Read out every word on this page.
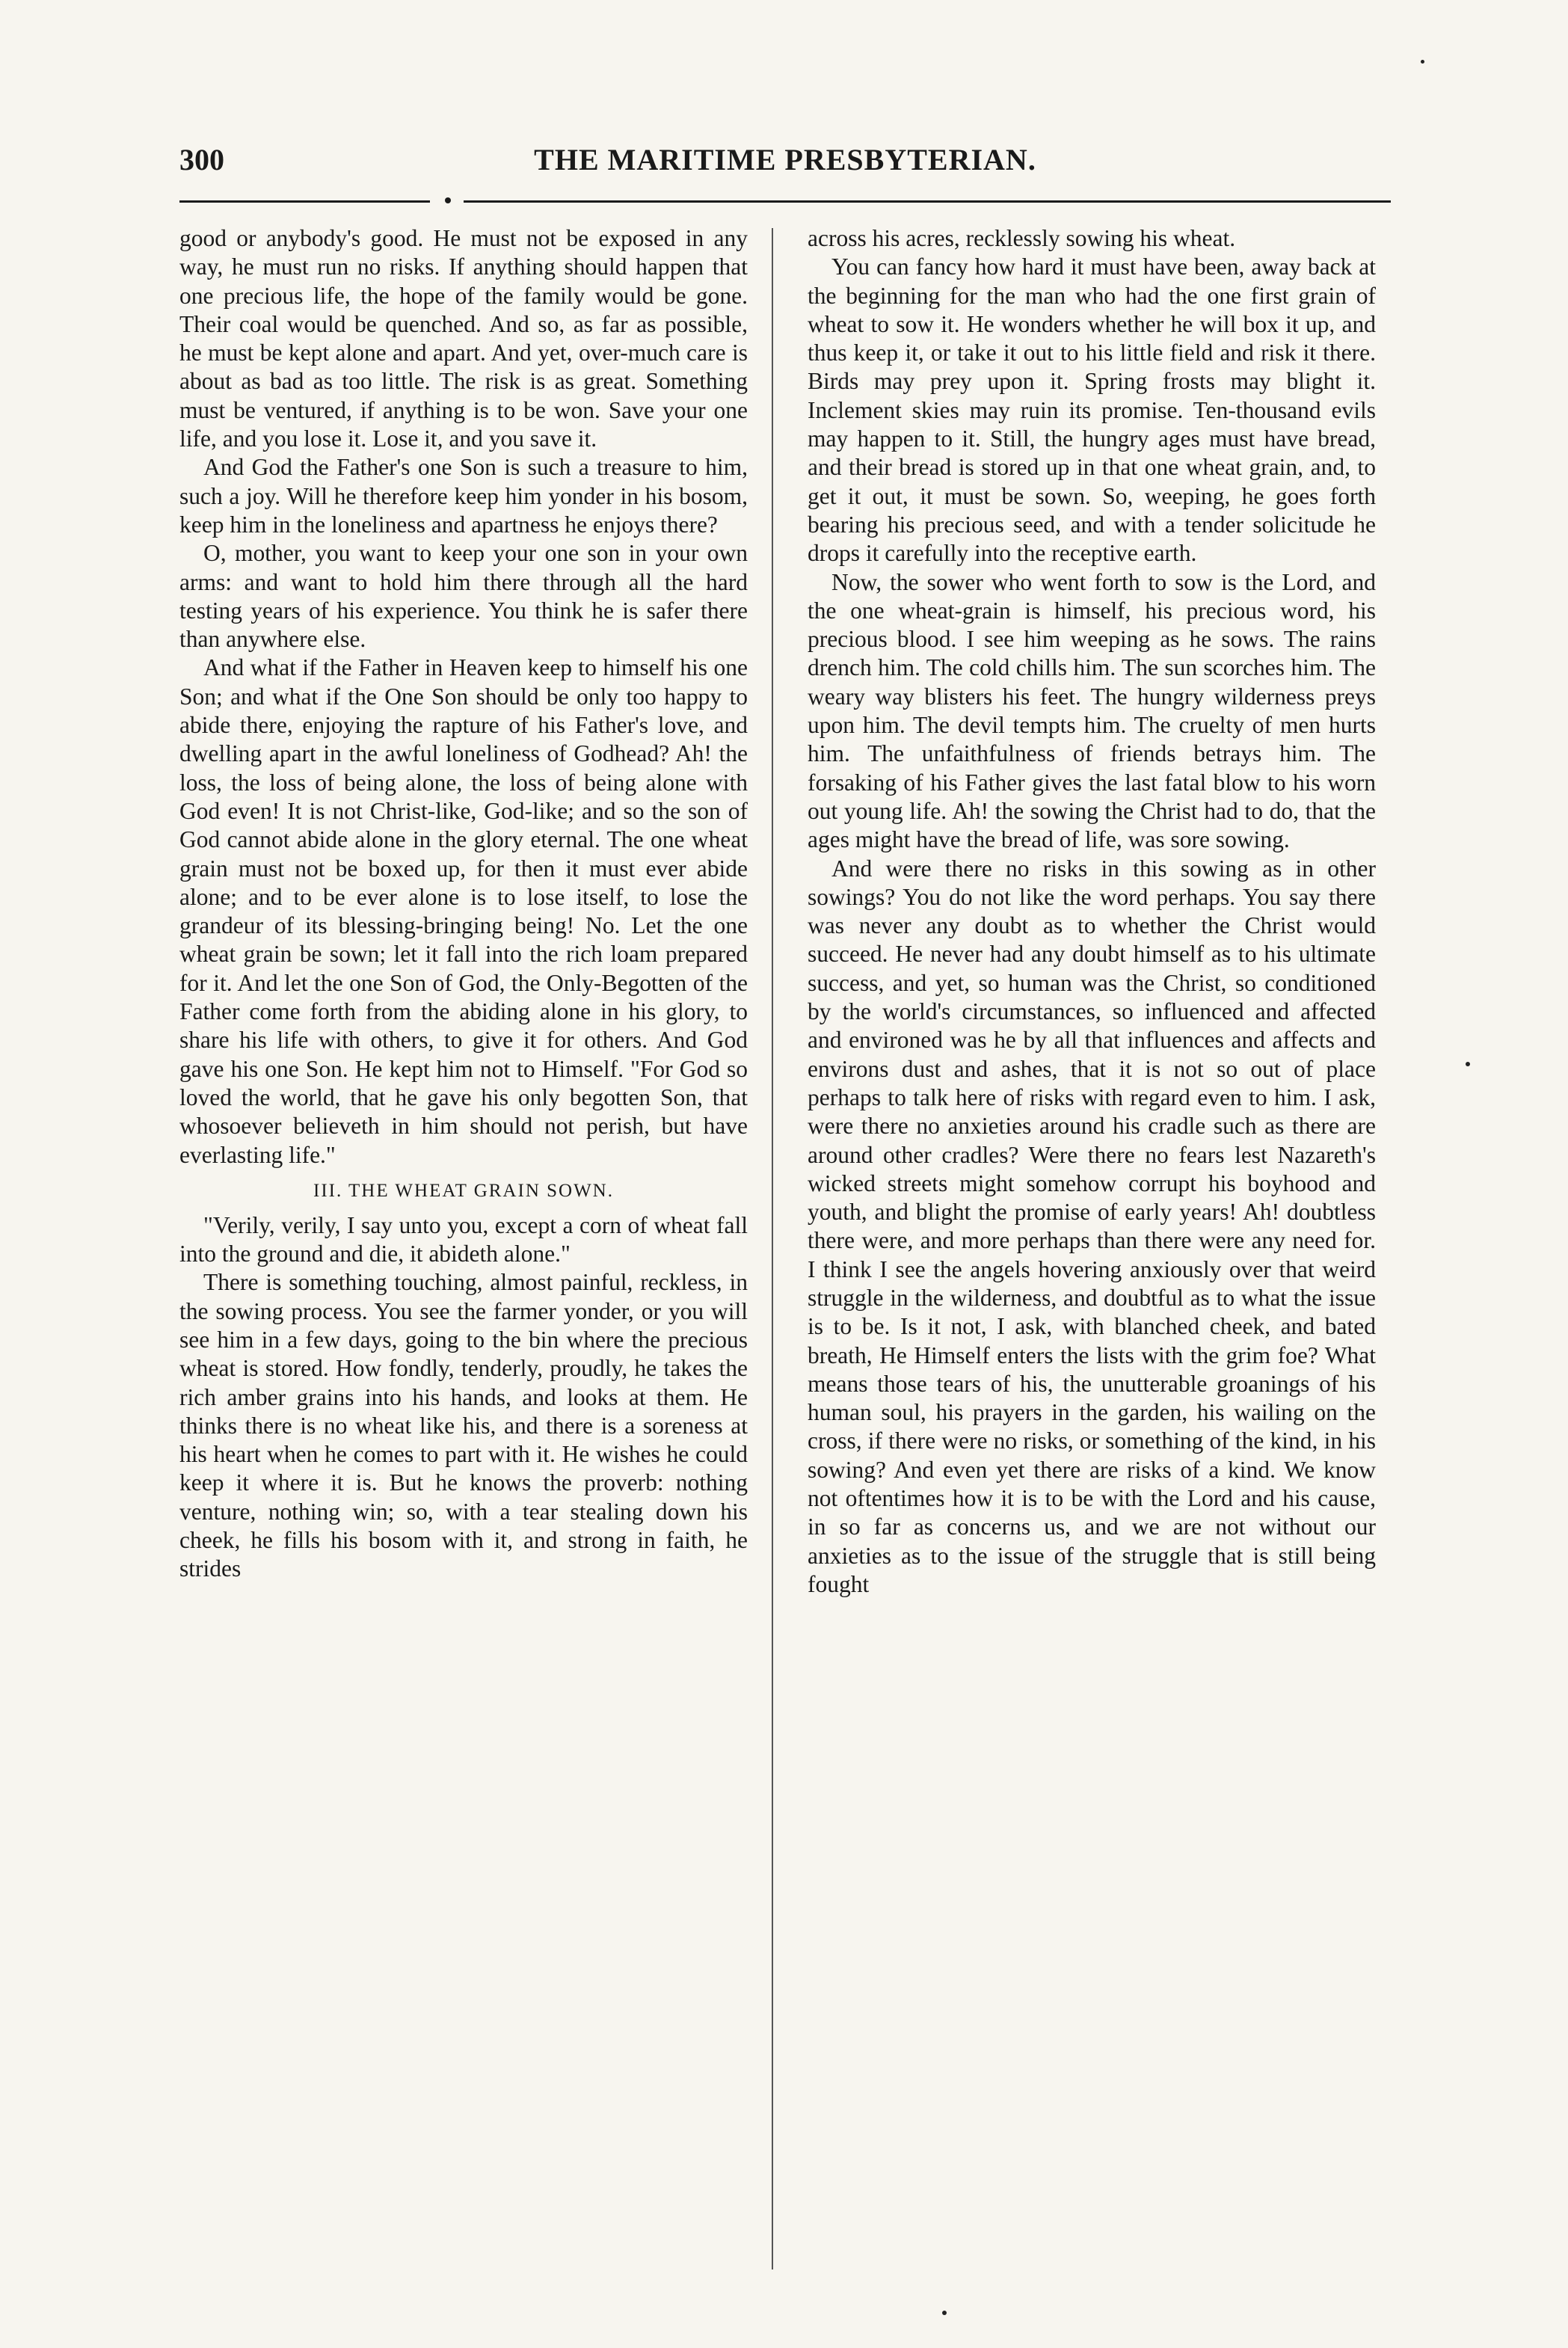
300	THE MARITIME PRESBYTERIAN.

good or anybody's good. He must not be exposed in any way, he must run no risks. If anything should happen that one precious life, the hope of the family would be gone. Their coal would be quenched. And so, as far as possible, he must be kept alone and apart. And yet, over-much care is about as bad as too little. The risk is as great. Something must be ventured, if anything is to be won. Save your one life, and you lose it. Lose it, and you save it.

And God the Father's one Son is such a treasure to him, such a joy. Will he therefore keep him yonder in his bosom, keep him in the loneliness and apartness he enjoys there?

O, mother, you want to keep your one son in your own arms: and want to hold him there through all the hard testing years of his experience. You think he is safer there than anywhere else.

And what if the Father in Heaven keep to himself his one Son; and what if the One Son should be only too happy to abide there, enjoying the rapture of his Father's love, and dwelling apart in the awful loneliness of Godhead? Ah! the loss, the loss of being alone, the loss of being alone with God even! It is not Christ-like, God-like; and so the son of God cannot abide alone in the glory eternal. The one wheat grain must not be boxed up, for then it must ever abide alone; and to be ever alone is to lose itself, to lose the grandeur of its blessing-bringing being! No. Let the one wheat grain be sown; let it fall into the rich loam prepared for it. And let the one Son of God, the Only-Begotten of the Father come forth from the abiding alone in his glory, to share his life with others, to give it for others. And God gave his one Son. He kept him not to Himself. "For God so loved the world, that he gave his only begotten Son, that whosoever believeth in him should not perish, but have everlasting life."

III. THE WHEAT GRAIN SOWN.

"Verily, verily, I say unto you, except a corn of wheat fall into the ground and die, it abideth alone."

There is something touching, almost painful, reckless, in the sowing process. You see the farmer yonder, or you will see him in a few days, going to the bin where the precious wheat is stored. How fondly, tenderly, proudly, he takes the rich amber grains into his hands, and looks at them. He thinks there is no wheat like his, and there is a soreness at his heart when he comes to part with it. He wishes he could keep it where it is. But he knows the proverb: nothing venture, nothing win; so, with a tear stealing down his cheek, he fills his bosom with it, and strong in faith, he strides

across his acres, recklessly sowing his wheat.

You can fancy how hard it must have been, away back at the beginning for the man who had the one first grain of wheat to sow it. He wonders whether he will box it up, and thus keep it, or take it out to his little field and risk it there. Birds may prey upon it. Spring frosts may blight it. Inclement skies may ruin its promise. Ten-thousand evils may happen to it. Still, the hungry ages must have bread, and their bread is stored up in that one wheat grain, and, to get it out, it must be sown. So, weeping, he goes forth bearing his precious seed, and with a tender solicitude he drops it carefully into the receptive earth.

Now, the sower who went forth to sow is the Lord, and the one wheat-grain is himself, his precious word, his precious blood. I see him weeping as he sows. The rains drench him. The cold chills him. The sun scorches him. The weary way blisters his feet. The hungry wilderness preys upon him. The devil tempts him. The cruelty of men hurts him. The unfaithfulness of friends betrays him. The forsaking of his Father gives the last fatal blow to his worn out young life. Ah! the sowing the Christ had to do, that the ages might have the bread of life, was sore sowing.

And were there no risks in this sowing as in other sowings? You do not like the word perhaps. You say there was never any doubt as to whether the Christ would succeed. He never had any doubt himself as to his ultimate success, and yet, so human was the Christ, so conditioned by the world's circumstances, so influenced and affected and environed was he by all that influences and affects and environs dust and ashes, that it is not so out of place perhaps to talk here of risks with regard even to him. I ask, were there no anxieties around his cradle such as there are around other cradles? Were there no fears lest Nazareth's wicked streets might somehow corrupt his boyhood and youth, and blight the promise of early years! Ah! doubtless there were, and more perhaps than there were any need for. I think I see the angels hovering anxiously over that weird struggle in the wilderness, and doubtful as to what the issue is to be. Is it not, I ask, with blanched cheek, and bated breath, He Himself enters the lists with the grim foe? What means those tears of his, the unutterable groanings of his human soul, his prayers in the garden, his wailing on the cross, if there were no risks, or something of the kind, in his sowing? And even yet there are risks of a kind. We know not oftentimes how it is to be with the Lord and his cause, in so far as concerns us, and we are not without our anxieties as to the issue of the struggle that is still being fought
